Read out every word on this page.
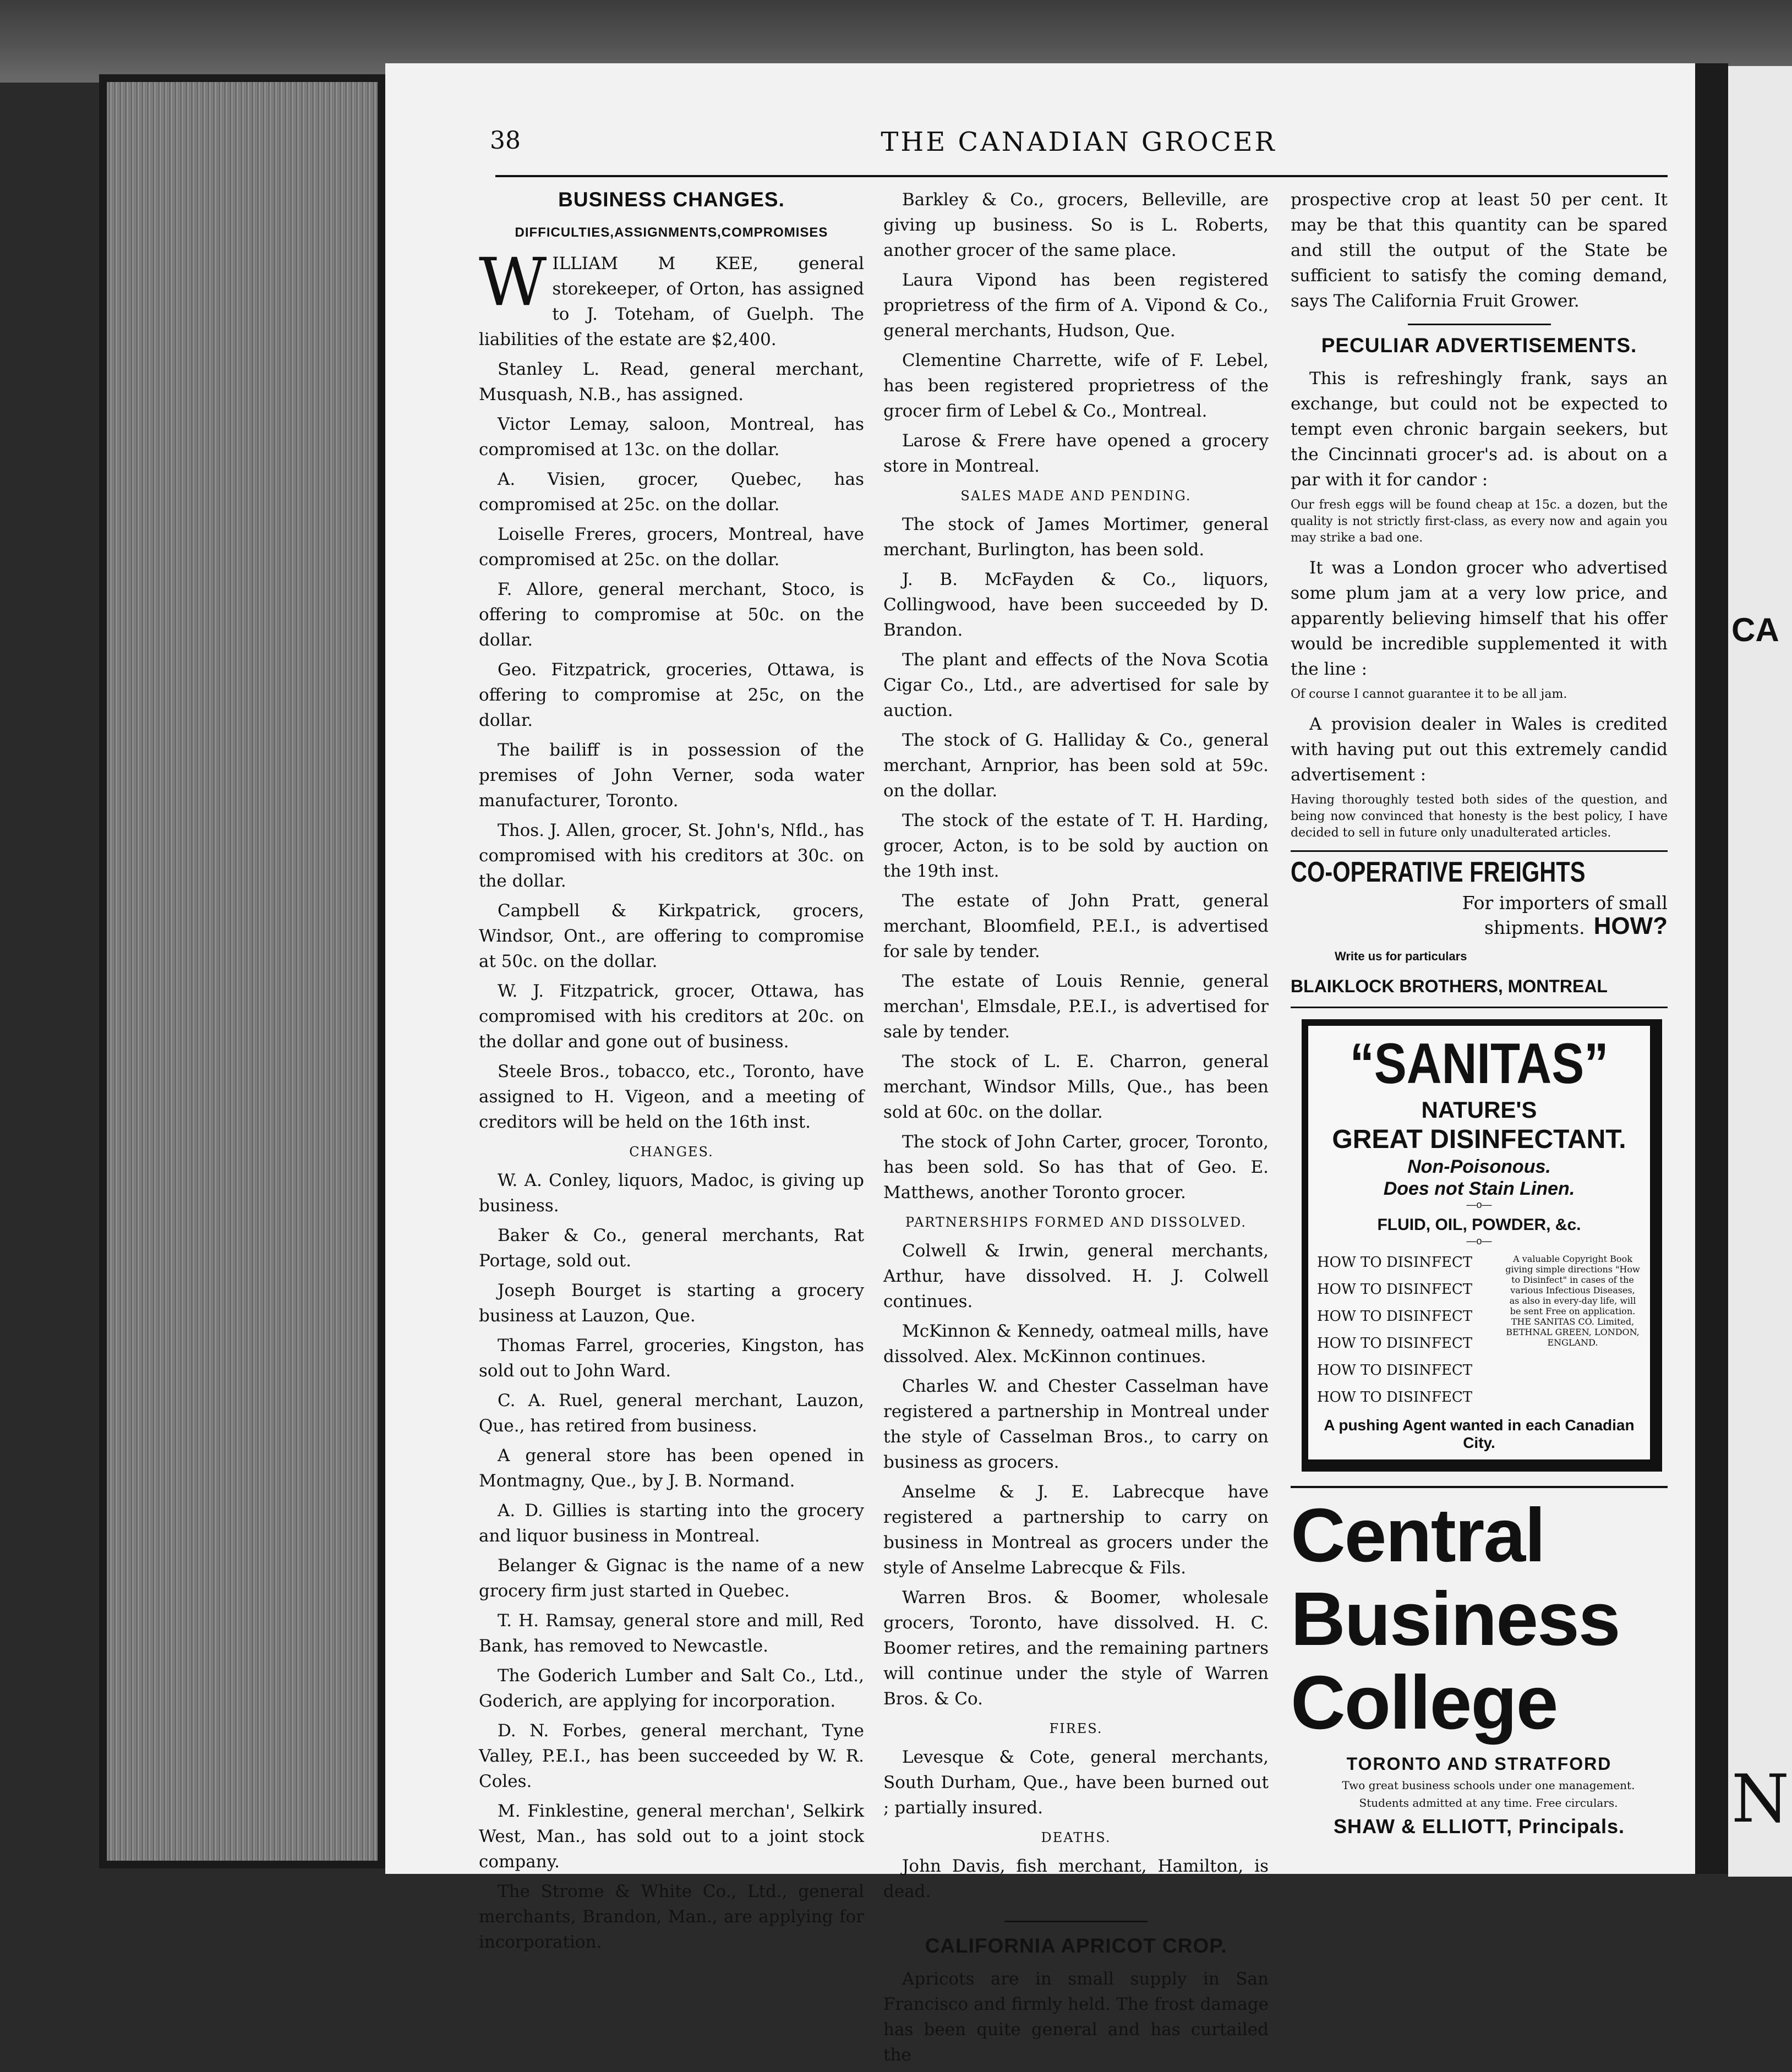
CA
N
38	THE CANADIAN GROCER
BUSINESS CHANGES.
DIFFICULTIES,ASSIGNMENTS,COMPROMISES

WILLIAM M KEE, general storekeeper, of Orton, has assigned to J. Toteham, of Guelph. The liabilities of the estate are $2,400.

Stanley L. Read, general merchant, Musquash, N.B., has assigned.

Victor Lemay, saloon, Montreal, has compromised at 13c. on the dollar.

A. Visien, grocer, Quebec, has compromised at 25c. on the dollar.

Loiselle Freres, grocers, Montreal, have compromised at 25c. on the dollar.

F. Allore, general merchant, Stoco, is offering to compromise at 50c. on the dollar.

Geo. Fitzpatrick, groceries, Ottawa, is offering to compromise at 25c, on the dollar.

The bailiff is in possession of the premises of John Verner, soda water manufacturer, Toronto.

Thos. J. Allen, grocer, St. John's, Nfld., has compromised with his creditors at 30c. on the dollar.

Campbell & Kirkpatrick, grocers, Windsor, Ont., are offering to compromise at 50c. on the dollar.

W. J. Fitzpatrick, grocer, Ottawa, has compromised with his creditors at 20c. on the dollar and gone out of business.

Steele Bros., tobacco, etc., Toronto, have assigned to H. Vigeon, and a meeting of creditors will be held on the 16th inst.

CHANGES.

W. A. Conley, liquors, Madoc, is giving up business.

Baker & Co., general merchants, Rat Portage, sold out.

Joseph Bourget is starting a grocery business at Lauzon, Que.

Thomas Farrel, groceries, Kingston, has sold out to John Ward.

C. A. Ruel, general merchant, Lauzon, Que., has retired from business.

A general store has been opened in Montmagny, Que., by J. B. Normand.

A. D. Gillies is starting into the grocery and liquor business in Montreal.

Belanger & Gignac is the name of a new grocery firm just started in Quebec.

T. H. Ramsay, general store and mill, Red Bank, has removed to Newcastle.

The Goderich Lumber and Salt Co., Ltd., Goderich, are applying for incorporation.

D. N. Forbes, general merchant, Tyne Valley, P.E.I., has been succeeded by W. R. Coles.

M. Finklestine, general merchan', Selkirk West, Man., has sold out to a joint stock company.

The Strome & White Co., Ltd., general merchants, Brandon, Man., are applying for incorporation.

Barkley & Co., grocers, Belleville, are giving up business. So is L. Roberts, another grocer of the same place.

Laura Vipond has been registered proprietress of the firm of A. Vipond & Co., general merchants, Hudson, Que.

Clementine Charrette, wife of F. Lebel, has been registered proprietress of the grocer firm of Lebel & Co., Montreal.

Larose & Frere have opened a grocery store in Montreal.

SALES MADE AND PENDING.

The stock of James Mortimer, general merchant, Burlington, has been sold.

J. B. McFayden & Co., liquors, Collingwood, have been succeeded by D. Brandon.

The plant and effects of the Nova Scotia Cigar Co., Ltd., are advertised for sale by auction.

The stock of G. Halliday & Co., general merchant, Arnprior, has been sold at 59c. on the dollar.

The stock of the estate of T. H. Harding, grocer, Acton, is to be sold by auction on the 19th inst.

The estate of John Pratt, general merchant, Bloomfield, P.E.I., is advertised for sale by tender.

The estate of Louis Rennie, general merchan', Elmsdale, P.E.I., is advertised for sale by tender.

The stock of L. E. Charron, general merchant, Windsor Mills, Que., has been sold at 60c. on the dollar.

The stock of John Carter, grocer, Toronto, has been sold. So has that of Geo. E. Matthews, another Toronto grocer.

PARTNERSHIPS FORMED AND DISSOLVED.

Colwell & Irwin, general merchants, Arthur, have dissolved. H. J. Colwell continues.

McKinnon & Kennedy, oatmeal mills, have dissolved. Alex. McKinnon continues.

Charles W. and Chester Casselman have registered a partnership in Montreal under the style of Casselman Bros., to carry on business as grocers.

Anselme & J. E. Labrecque have registered a partnership to carry on business in Montreal as grocers under the style of Anselme Labrecque & Fils.

Warren Bros. & Boomer, wholesale grocers, Toronto, have dissolved. H. C. Boomer retires, and the remaining partners will continue under the style of Warren Bros. & Co.

FIRES.

Levesque & Cote, general merchants, South Durham, Que., have been burned out ; partially insured.

DEATHS.

John Davis, fish merchant, Hamilton, is dead.

CALIFORNIA APRICOT CROP.

Apricots are in small supply in San Francisco and firmly held. The frost damage has been quite general and has curtailed the

prospective crop at least 50 per cent. It may be that this quantity can be spared and still the output of the State be sufficient to satisfy the coming demand, says The California Fruit Grower.

PECULIAR ADVERTISEMENTS.

This is refreshingly frank, says an exchange, but could not be expected to tempt even chronic bargain seekers, but the Cincinnati grocer's ad. is about on a par with it for candor :

Our fresh eggs will be found cheap at 15c. a dozen, but the quality is not strictly first-class, as every now and again you may strike a bad one.

It was a London grocer who advertised some plum jam at a very low price, and apparently believing himself that his offer would be incredible supplemented it with the line :

Of course I cannot guarantee it to be all jam.

A provision dealer in Wales is credited with having put out this extremely candid advertisement :

Having thoroughly tested both sides of the question, and being now convinced that honesty is the best policy, I have decided to sell in future only unadulterated articles.

CO-OPERATIVE FREIGHTS

For importers of small shipments. HOW?

Write us for particulars
BLAIKLOCK BROTHERS, MONTREAL
“SANITAS”
NATURE'S
GREAT DISINFECTANT.
Non-Poisonous.
Does not Stain Linen.
—o—
FLUID, OIL, POWDER, &c.
—o—
HOW TO DISINFECT
HOW TO DISINFECT
HOW TO DISINFECT
HOW TO DISINFECT
HOW TO DISINFECT
HOW TO DISINFECT
A valuable Copyright Book giving simple directions "How to Disinfect" in cases of the various Infectious Diseases, as also in every-day life, will be sent Free on application. THE SANITAS CO. Limited, BETHNAL GREEN, LONDON, ENGLAND.
A pushing Agent wanted in each Canadian City.
Central
Business
College
TORONTO AND STRATFORD

Two great business schools under one management.

Students admitted at any time. Free circulars.

SHAW & ELLIOTT, Principals.
